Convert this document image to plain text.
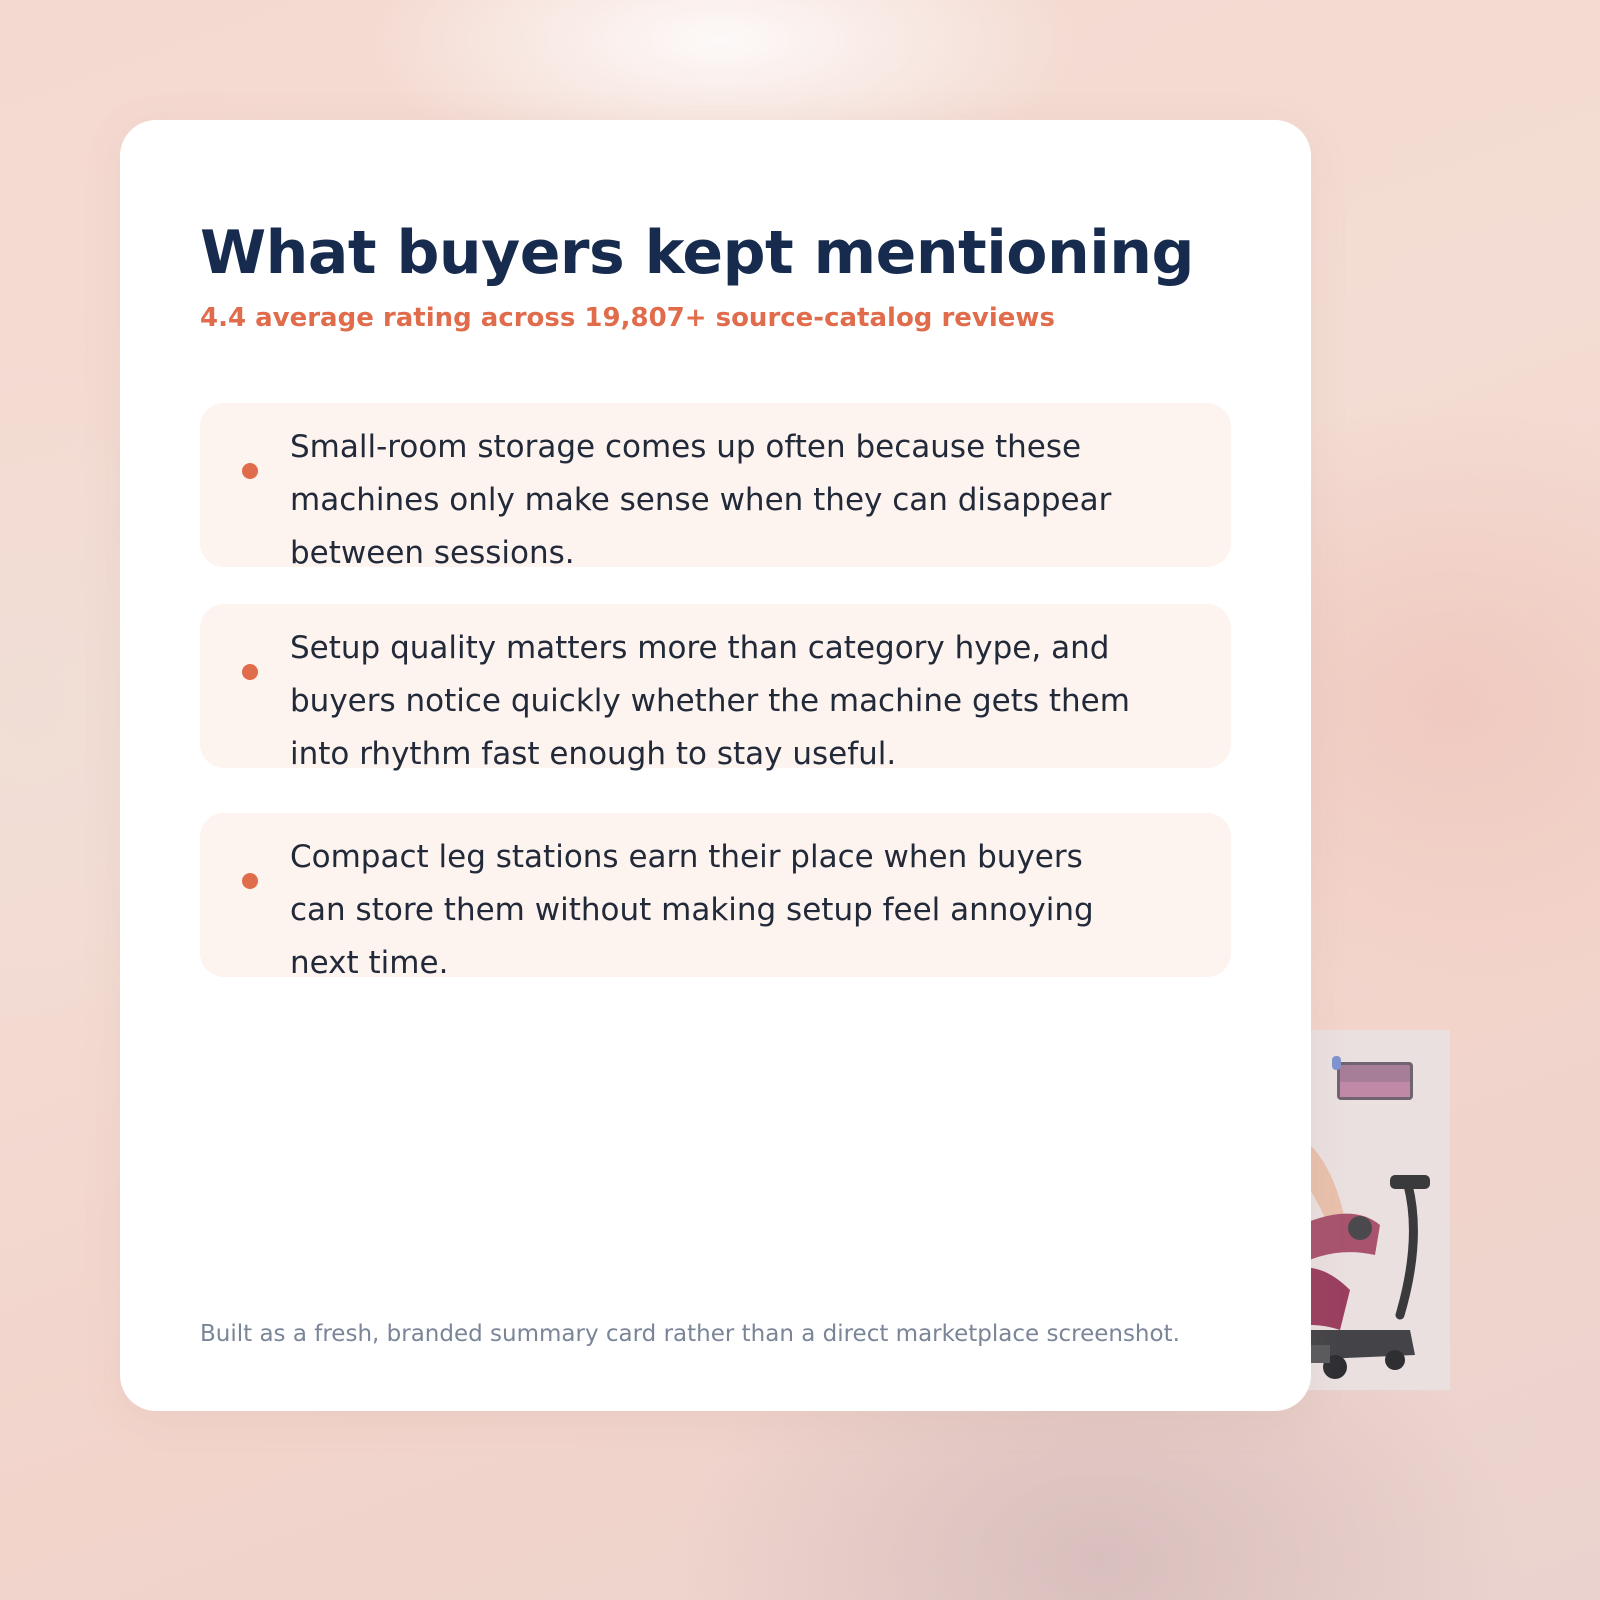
What buyers kept mentioning

4.4 average rating across 19,807+ source-catalog reviews

Small-room storage comes up often because these machines only make sense when they can disappear between sessions.

Setup quality matters more than category hype, and buyers notice quickly whether the machine gets them into rhythm fast enough to stay useful.

Compact leg stations earn their place when buyers can store them without making setup feel annoying next time.

Built as a fresh, branded summary card rather than a direct marketplace screenshot.
